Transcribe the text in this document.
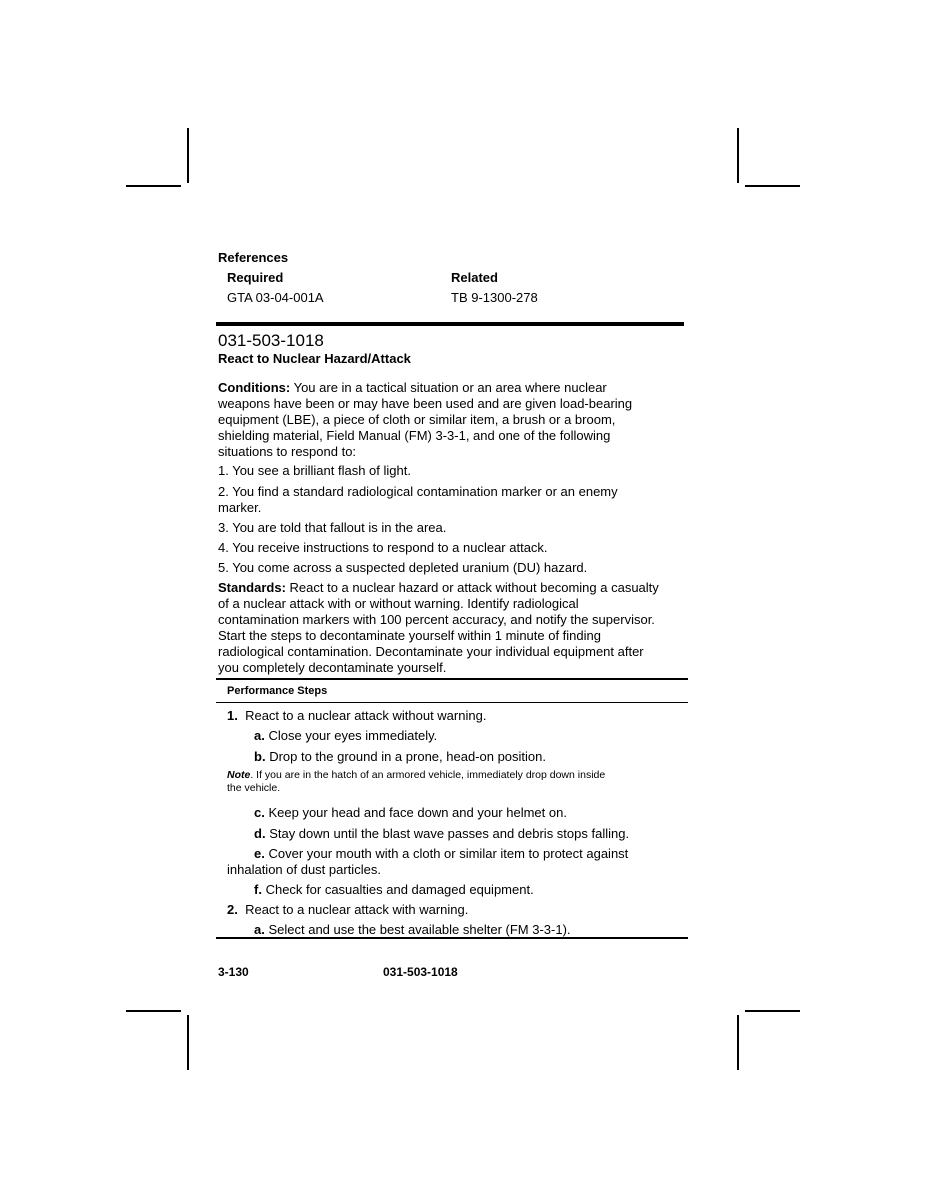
References
Required	Related
GTA 03-04-001A	TB 9-1300-278
031-503-1018
React to Nuclear Hazard/Attack
Conditions: You are in a tactical situation or an area where nuclear
weapons have been or may have been used and are given load-bearing
equipment (LBE), a piece of cloth or similar item, a brush or a broom,
shielding material, Field Manual (FM) 3-3-1, and one of the following
situations to respond to:
1. You see a brilliant flash of light.
2. You find a standard radiological contamination marker or an enemy
marker.
3. You are told that fallout is in the area.
4. You receive instructions to respond to a nuclear attack.
5. You come across a suspected depleted uranium (DU) hazard.
Standards: React to a nuclear hazard or attack without becoming a casualty
of a nuclear attack with or without warning. Identify radiological
contamination markers with 100 percent accuracy, and notify the supervisor.
Start the steps to decontaminate yourself within 1 minute of finding
radiological contamination. Decontaminate your individual equipment after
you completely decontaminate yourself.
Performance Steps
1. React to a nuclear attack without warning.
a. Close your eyes immediately.
b. Drop to the ground in a prone, head-on position.
Note. If you are in the hatch of an armored vehicle, immediately drop down inside
the vehicle.
c. Keep your head and face down and your helmet on.
d. Stay down until the blast wave passes and debris stops falling.
e. Cover your mouth with a cloth or similar item to protect against
inhalation of dust particles.
f. Check for casualties and damaged equipment.
2. React to a nuclear attack with warning.
a. Select and use the best available shelter (FM 3-3-1).
3-130	031-503-1018
